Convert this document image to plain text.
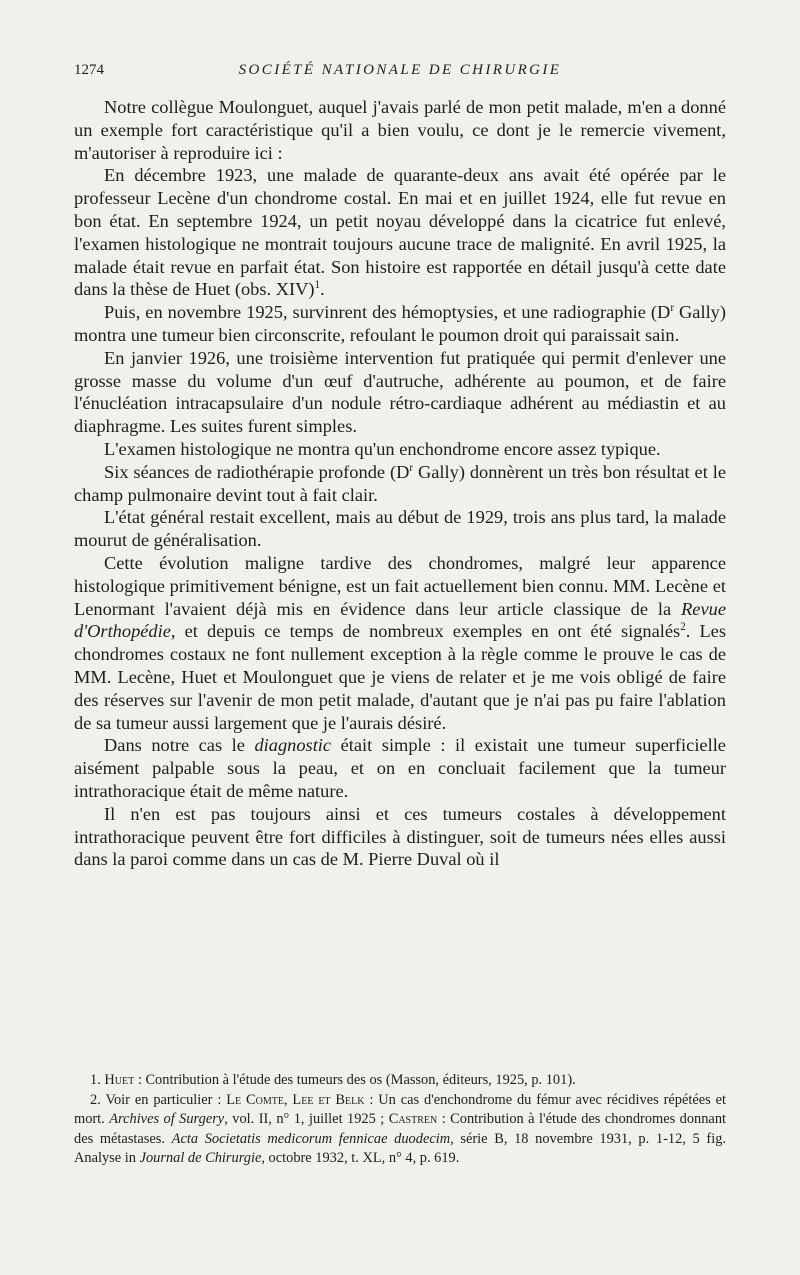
1274	SOCIÉTÉ NATIONALE DE CHIRURGIE

Notre collègue Moulonguet, auquel j'avais parlé de mon petit malade, m'en a donné un exemple fort caractéristique qu'il a bien voulu, ce dont je le remercie vivement, m'autoriser à reproduire ici :

En décembre 1923, une malade de quarante-deux ans avait été opérée par le professeur Lecène d'un chondrome costal. En mai et en juillet 1924, elle fut revue en bon état. En septembre 1924, un petit noyau développé dans la cicatrice fut enlevé, l'examen histologique ne montrait toujours aucune trace de malignité. En avril 1925, la malade était revue en parfait état. Son histoire est rapportée en détail jusqu'à cette date dans la thèse de Huet (obs. XIV)$^1$.

Puis, en novembre 1925, survinrent des hémoptysies, et une radiographie ($D^r$ Gally) montra une tumeur bien circonscrite, refoulant le poumon droit qui paraissait sain.

En janvier 1926, une troisième intervention fut pratiquée qui permit d'enlever une grosse masse du volume d'un œuf d'autruche, adhérente au poumon, et de faire l'énucléation intracapsulaire d'un nodule rétro-cardiaque adhérent au médiastin et au diaphragme. Les suites furent simples.

L'examen histologique ne montra qu'un enchondrome encore assez typique.

Six séances de radiothérapie profonde ($D^r$ Gally) donnèrent un très bon résultat et le champ pulmonaire devint tout à fait clair.

L'état général restait excellent, mais au début de 1929, trois ans plus tard, la malade mourut de généralisation.

Cette évolution maligne tardive des chondromes, malgré leur apparence histologique primitivement bénigne, est un fait actuellement bien connu. MM. Lecène et Lenormant l'avaient déjà mis en évidence dans leur article classique de la Revue d'Orthopédie, et depuis ce temps de nombreux exemples en ont été signalés$^2$. Les chondromes costaux ne font nullement exception à la règle comme le prouve le cas de MM. Lecène, Huet et Moulonguet que je viens de relater et je me vois obligé de faire des réserves sur l'avenir de mon petit malade, d'autant que je n'ai pas pu faire l'ablation de sa tumeur aussi largement que je l'aurais désiré.

Dans notre cas le diagnostic était simple : il existait une tumeur superficielle aisément palpable sous la peau, et on en concluait facilement que la tumeur intrathoracique était de même nature.

Il n'en est pas toujours ainsi et ces tumeurs costales à développement intrathoracique peuvent être fort difficiles à distinguer, soit de tumeurs nées elles aussi dans la paroi comme dans un cas de M. Pierre Duval où il

1. Huet : Contribution à l'étude des tumeurs des os (Masson, éditeurs, 1925, p. 101).

2. Voir en particulier : Le Comte, Lee et Belk : Un cas d'enchondrome du fémur avec récidives répétées et mort. Archives of Surgery, vol. II, n° 1, juillet 1925 ; Castren : Contribution à l'étude des chondromes donnant des métastases. Acta Societatis medicorum fennicae duodecim, série B, 18 novembre 1931, p. 1-12, 5 fig. Analyse in Journal de Chirurgie, octobre 1932, t. XL, n° 4, p. 619.
